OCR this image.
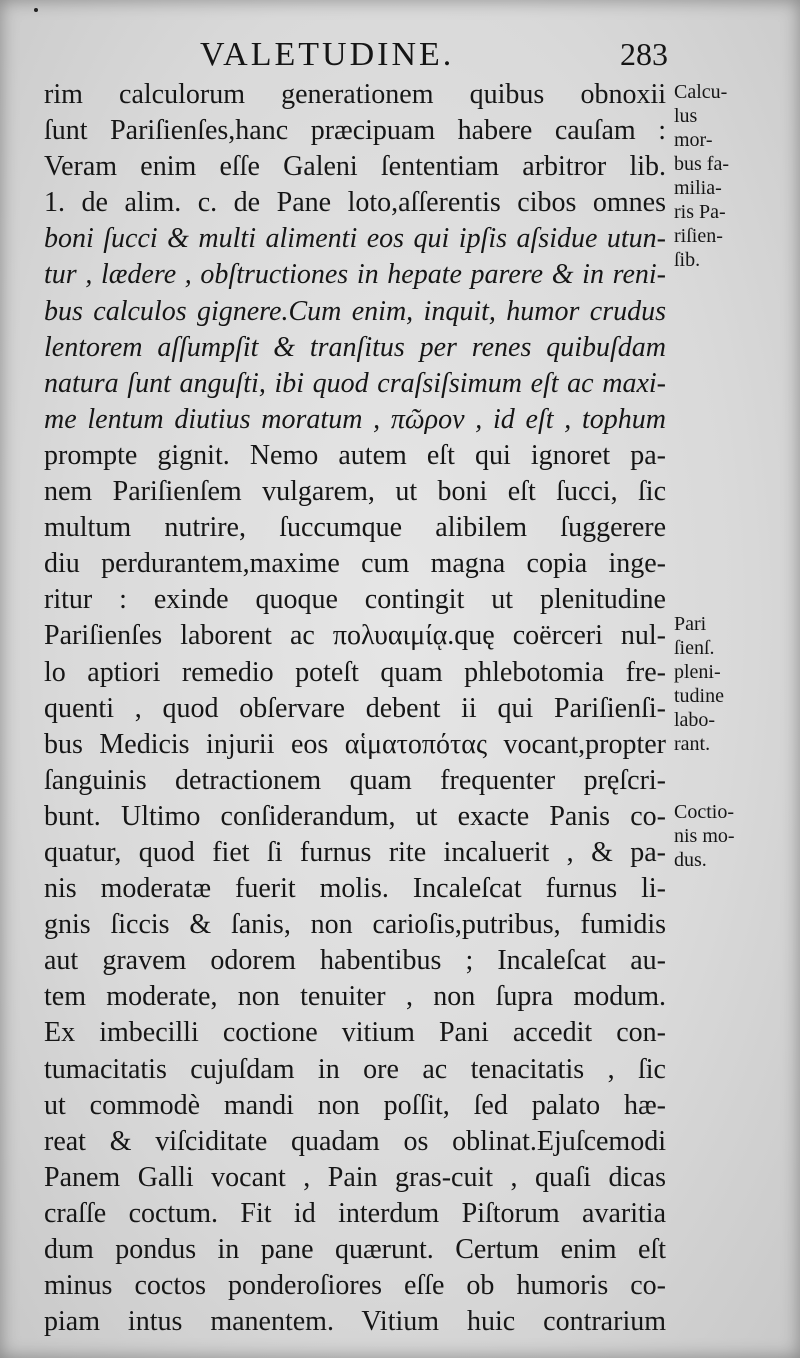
VALETUDINE.	283
rim calculorum generationem quibus obnoxii
ſunt Pariſienſes,hanc præcipuam habere cauſam :
Veram enim eſſe Galeni ſententiam arbitror lib.
1. de alim. c. de Pane loto,aſſerentis cibos omnes
boni ſucci & multi alimenti eos qui ipſis aſsidue utun-
tur , lædere , obſtructiones in hepate parere & in reni-
bus calculos gignere.Cum enim, inquit, humor crudus
lentorem aſſumpſit & tranſitus per renes quibuſdam
natura ſunt anguſti, ibi quod craſsiſsimum eſt ac maxi-
me lentum diutius moratum , πῶρον , id eſt , tophum
prompte gignit. Nemo autem eſt qui ignoret pa-
nem Pariſienſem vulgarem, ut boni eſt ſucci, ſic
multum nutrire, ſuccumque alibilem ſuggerere
diu perdurantem,maxime cum magna copia inge-
ritur : exinde quoque contingit ut plenitudine
Pariſienſes laborent ac πολυαιμίᾳ.quę coërceri nul-
lo aptiori remedio poteſt quam phlebotomia fre-
quenti , quod obſervare debent ii qui Pariſienſi-
bus Medicis injurii eos αἱματοπότας vocant,propter
ſanguinis detractionem quam frequenter pręſcri-
bunt. Ultimo conſiderandum, ut exacte Panis co-
quatur, quod fiet ſi furnus rite incaluerit , & pa-
nis moderatæ fuerit molis. Incaleſcat furnus li-
gnis ſiccis & ſanis, non carioſis,putribus, fumidis
aut gravem odorem habentibus ; Incaleſcat au-
tem moderate, non tenuiter , non ſupra modum.
Ex imbecilli coctione vitium Pani accedit con-
tumacitatis cujuſdam in ore ac tenacitatis , ſic
ut commodè mandi non poſſit, ſed palato hæ-
reat & viſciditate quadam os oblinat.Ejuſcemodi
Panem Galli vocant , Pain gras-cuit , quaſi dicas
craſſe coctum. Fit id interdum Piſtorum avaritia
dum pondus in pane quærunt. Certum enim eſt
minus coctos ponderoſiores eſſe ob humoris co-
piam intus manentem. Vitium huic contrarium
Calcu-
lus
mor-
bus fa-
milia-
ris Pa-
riſien-
ſib.
Pari
ſienſ.
pleni-
tudine
labo-
rant.
Coctio-
nis mo-
dus.
